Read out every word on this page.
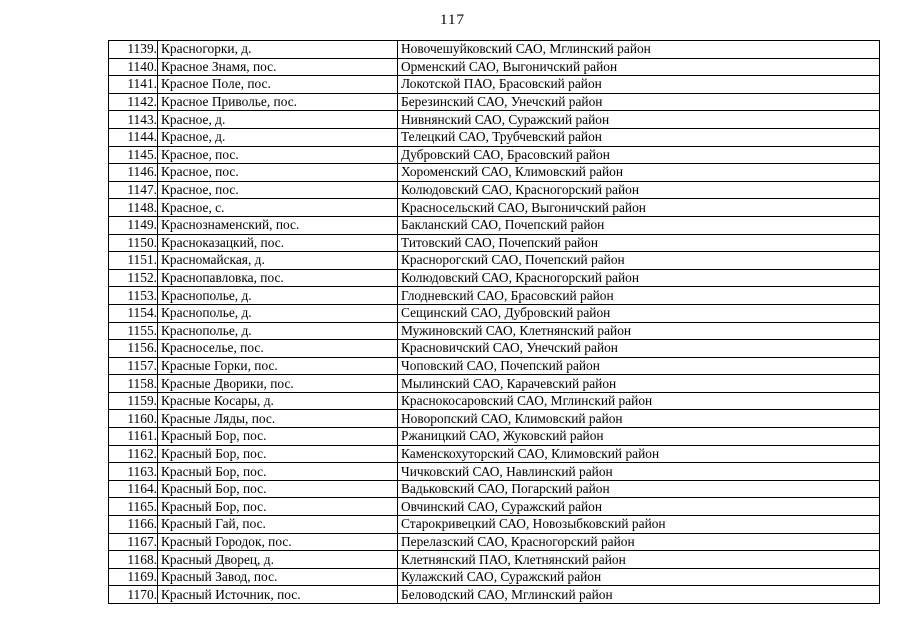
117
1139.	Красногорки, д.	Новочешуйковский САО, Мглинский район
1140.	Красное Знамя, пос.	Орменский САО, Выгоничский район
1141.	Красное Поле, пос.	Локотской ПАО, Брасовский район
1142.	Красное Приволье, пос.	Березинский САО, Унечский район
1143.	Красное, д.	Нивнянский САО, Суражский район
1144.	Красное, д.	Телецкий САО, Трубчевский район
1145.	Красное, пос.	Дубровский САО, Брасовский район
1146.	Красное, пос.	Хороменский САО, Климовский район
1147.	Красное, пос.	Колюдовский САО, Красногорский район
1148.	Красное, с.	Красносельский САО, Выгоничский район
1149.	Краснознаменский, пос.	Бакланский САО, Почепский район
1150.	Краснoказацкий, пос.	Титовский САО, Почепский район
1151.	Красномайская, д.	Краснорогский САО, Почепский район
1152.	Краснопавловка, пос.	Колюдовский САО, Красногорский район
1153.	Краснополье, д.	Глодневский САО, Брасовский район
1154.	Краснополье, д.	Сещинский САО, Дубровский район
1155.	Краснополье, д.	Мужиновский САО, Клетнянский район
1156.	Красноселье, пос.	Красновичский САО, Унечский район
1157.	Красные Горки, пос.	Чоповский САО, Почепский район
1158.	Красные Дворики, пос.	Мылинский САО, Карачевский район
1159.	Красные Косары, д.	Краснокосаровский САО, Мглинский район
1160.	Красные Ляды, пос.	Новоропский САО, Климовский район
1161.	Красный Бор, пос.	Ржаницкий САО, Жуковский район
1162.	Красный Бор, пос.	Каменскохуторский САО, Климовский район
1163.	Красный Бор, пос.	Чичковский САО, Навлинский район
1164.	Красный Бор, пос.	Вадьковский САО, Погарский район
1165.	Красный Бор, пос.	Овчинский САО, Суражский район
1166.	Красный Гай, пос.	Старокривецкий САО, Новозыбковский район
1167.	Красный Городок, пос.	Перелазский САО, Красногорский район
1168.	Красный Дворец, д.	Клетнянский ПАО, Клетнянский район
1169.	Красный Завод, пос.	Кулажский САО, Суражский район
1170.	Красный Источник, пос.	Беловодский САО, Мглинский район
